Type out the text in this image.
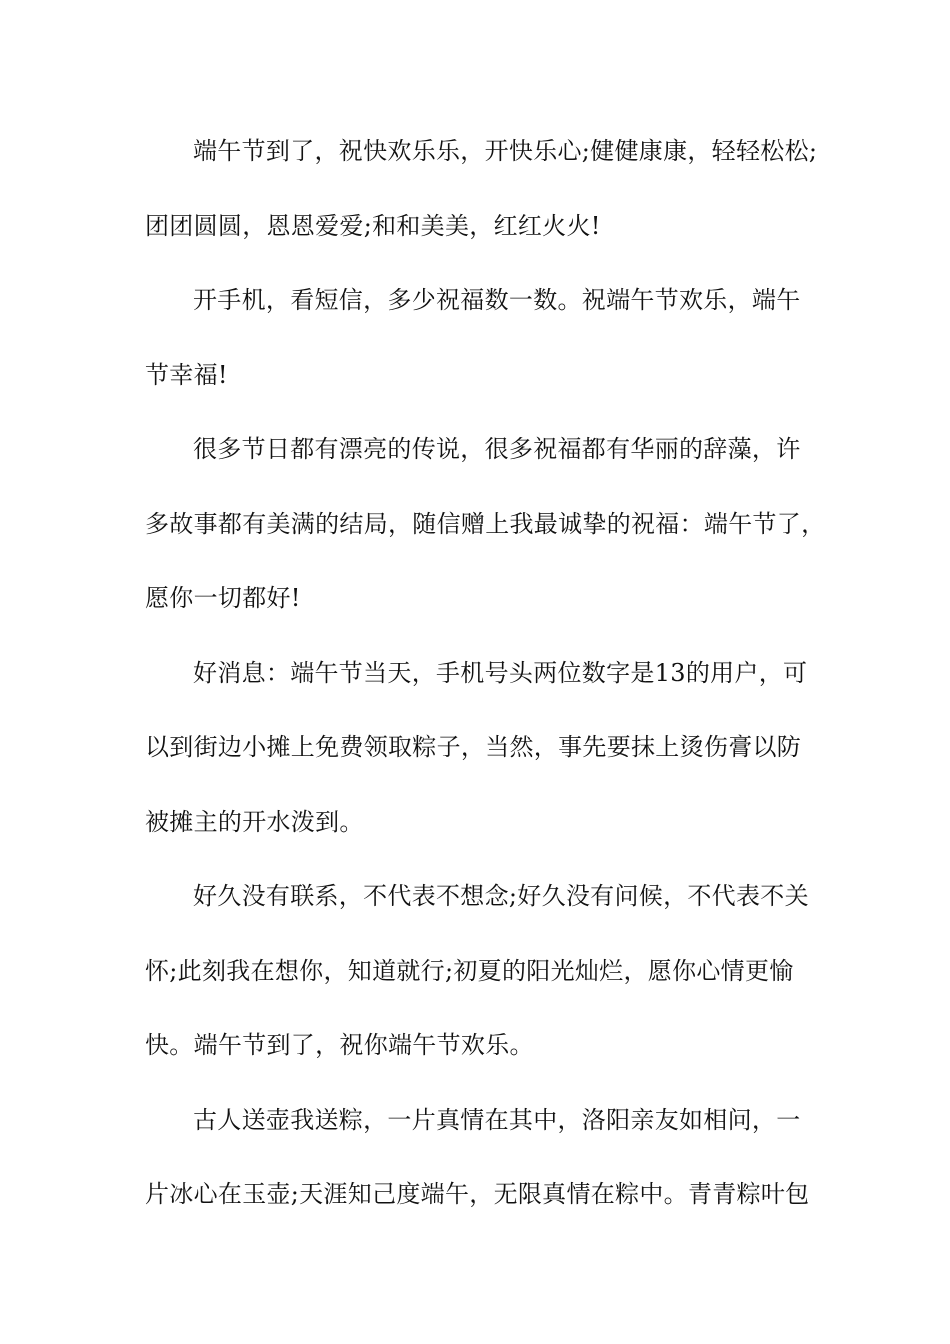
端午节到了，祝快欢乐乐，开快乐心;健健康康，轻轻松松;
团团圆圆，恩恩爱爱;和和美美，红红火火!
开手机，看短信，多少祝福数一数。祝端午节欢乐，端午
节幸福!
很多节日都有漂亮的传说，很多祝福都有华丽的辞藻，许
多故事都有美满的结局，随信赠上我最诚挚的祝福：端午节了，
愿你一切都好!
好消息：端午节当天，手机号头两位数字是13的用户，可
以到街边小摊上免费领取粽子，当然，事先要抹上烫伤膏以防
被摊主的开水泼到。
好久没有联系，不代表不想念;好久没有问候，不代表不关
怀;此刻我在想你，知道就行;初夏的阳光灿烂，愿你心情更愉
快。端午节到了，祝你端午节欢乐。
古人送壶我送粽，一片真情在其中，洛阳亲友如相问，一
片冰心在玉壶;天涯知己度端午，无限真情在粽中。青青粽叶包
